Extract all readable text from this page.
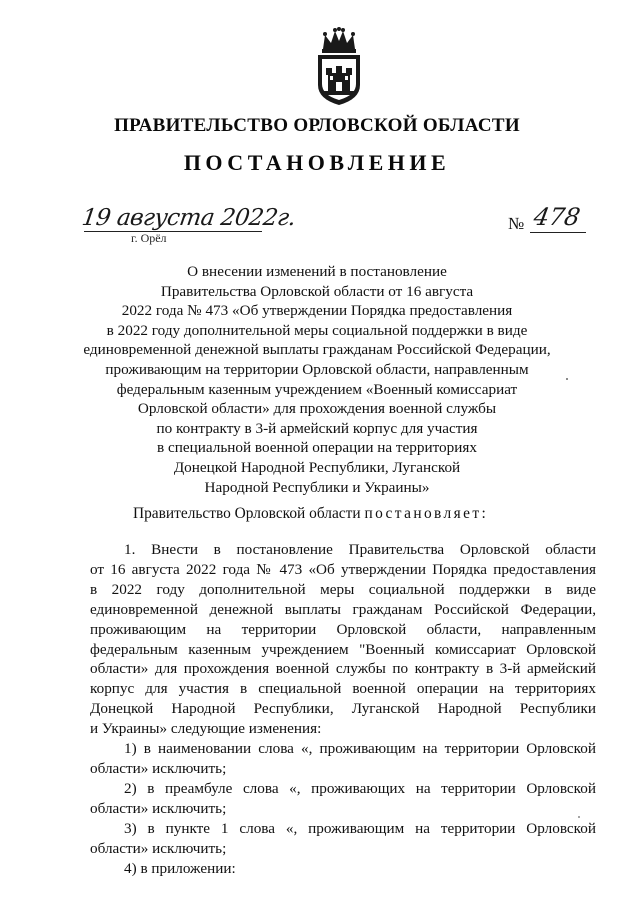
ПРАВИТЕЛЬСТВО ОРЛОВСКОЙ ОБЛАСТИ
ПОСТАНОВЛЕНИЕ
19 августа 2022г.
г. Орёл
№ 478
О внесении изменений в постановление
Правительства Орловской области от 16 августа
2022 года № 473 «Об утверждении Порядка предоставления
в 2022 году дополнительной меры социальной поддержки в виде
единовременной денежной выплаты гражданам Российской Федерации,
проживающим на территории Орловской области, направленным
федеральным казенным учреждением «Военный комиссариат
Орловской области» для прохождения военной службы
по контракту в 3-й армейский корпус для участия
в специальной военной операции на территориях
Донецкой Народной Республики, Луганской
Народной Республики и Украины»
Правительство Орловской области постановляет:
1. Внести в постановление Правительства Орловской области
от 16 августа 2022 года № 473 «Об утверждении Порядка предоставления
в 2022 году дополнительной меры социальной поддержки в виде
единовременной денежной выплаты гражданам Российской Федерации,
проживающим на территории Орловской области, направленным
федеральным казенным учреждением "Военный комиссариат Орловской
области» для прохождения военной службы по контракту в 3-й армейский
корпус для участия в специальной военной операции на территориях
Донецкой Народной Республики, Луганской Народной Республики
и Украины» следующие изменения:
1) в наименовании слова «, проживающим на территории Орловской
области» исключить;
2) в преамбуле слова «, проживающих на территории Орловской
области» исключить;
3) в пункте 1 слова «, проживающим на территории Орловской
области» исключить;
4) в приложении:
